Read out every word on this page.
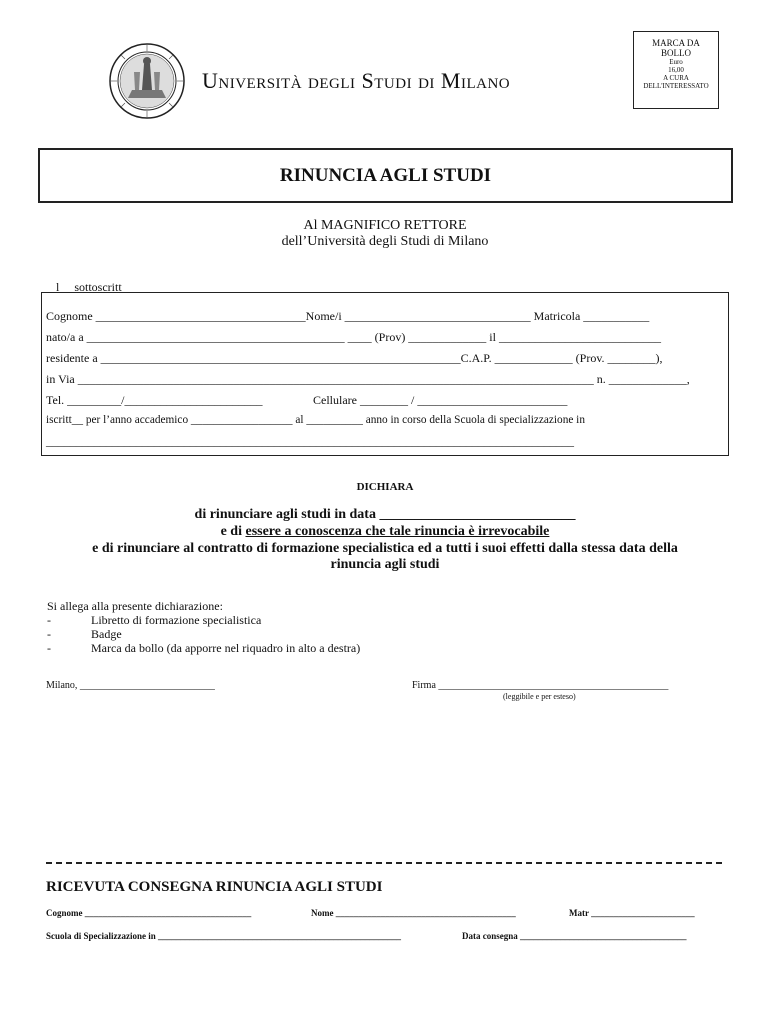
Università degli Studi di Milano
MARCA DA
BOLLO
Euro
16,00
A CURA
DELL'INTERESSATO
RINUNCIA AGLI STUDI
Al MAGNIFICO RETTORE
dell’Università degli Studi di Milano
__l__ sottoscritt__
Cognome ___________________________________Nome/i _______________________________ Matricola ___________
nato/a a ___________________________________________ ____ (Prov) _____________ il ___________________________
residente a ____________________________________________________________C.A.P. _____________ (Prov. ________),
in Via ______________________________________________________________________________________ n. _____________,
Tel. _________/_______________________	Cellulare ________ / _________________________
iscritt__ per l’anno accademico __________________ al __________ anno in corso della Scuola di specializzazione in
________________________________________________________________________________________
DICHIARA
di rinunciare agli studi in data ____________________________
e di essere a conoscenza che tale rinuncia è irrevocabile
e di rinunciare al contratto di formazione specialistica ed a tutti i suoi effetti dalla stessa data della
rinuncia agli studi
Si allega alla presente dichiarazione:
-	Libretto di formazione specialistica
-	Badge
-	Marca da bollo (da apporre nel riquadro in alto a destra)
Milano, ___________________________	Firma ______________________________________________
(leggibile e per esteso)
RICEVUTA CONSEGNA RINUNCIA AGLI STUDI
Cognome _____________________________________	Nome ________________________________________	Matr _______________________
Scuola di Specializzazione in ______________________________________________________	Data consegna _____________________________________
